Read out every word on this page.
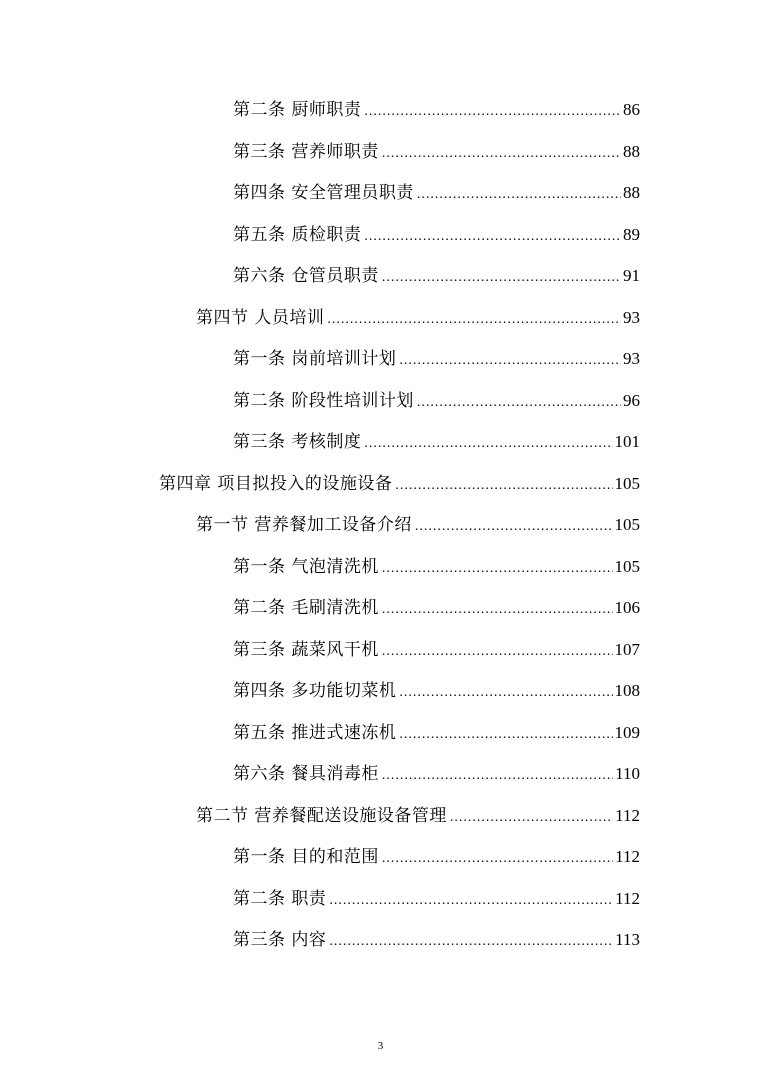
第二条 厨师职责 .....	86
第三条 营养师职责 .....	88
第四条 安全管理员职责 .....	88
第五条 质检职责 .....	89
第六条 仓管员职责 .....	91
第四节 人员培训 .....	93
第一条 岗前培训计划 .....	93
第二条 阶段性培训计划 .....	96
第三条 考核制度 .....	101
第四章 项目拟投入的设施设备 .....	105
第一节 营养餐加工设备介绍 .....	105
第一条 气泡清洗机 .....	105
第二条 毛刷清洗机 .....	106
第三条 蔬菜风干机 .....	107
第四条 多功能切菜机 .....	108
第五条 推进式速冻机 .....	109
第六条 餐具消毒柜 .....	110
第二节 营养餐配送设施设备管理 .....	112
第一条 目的和范围 .....	112
第二条 职责 .....	112
第三条 内容 .....	113
3
